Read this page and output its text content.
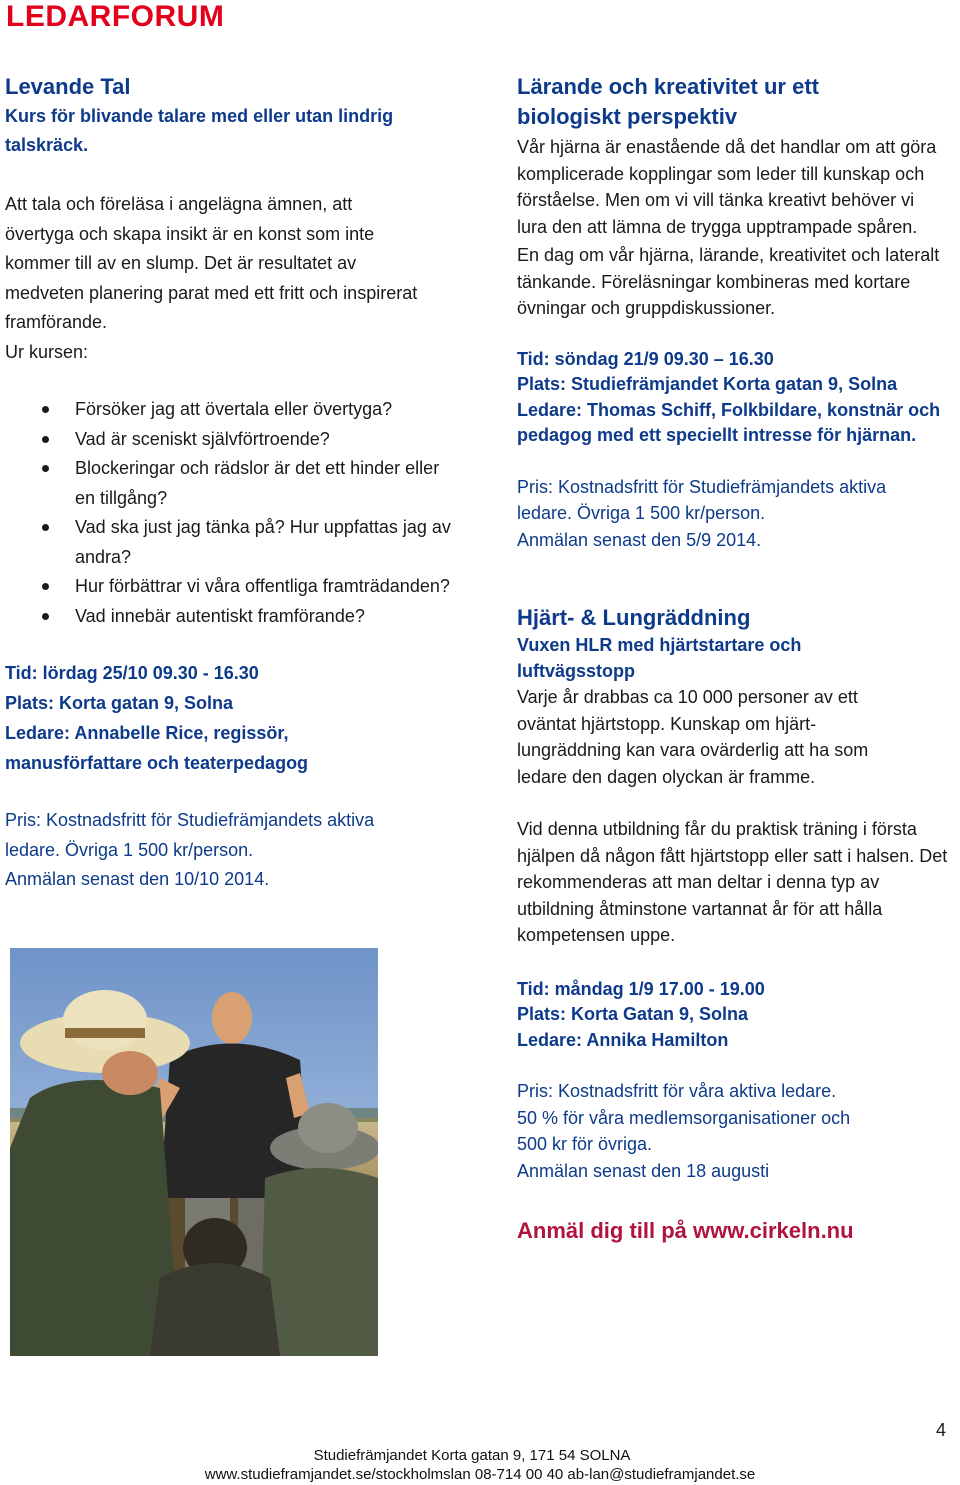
LEDARFORUM

Levande Tal

Kurs för blivande talare med eller utan lindrig talskräck.

Att tala och föreläsa i angelägna ämnen, att övertyga och skapa insikt är en konst som inte kommer till av en slump. Det är resultatet av medveten planering parat med ett fritt och inspirerat framförande.

Ur kursen:

Försöker jag att övertala eller övertyga?
Vad är sceniskt självförtroende?
Blockeringar och rädslor är det ett hinder eller en tillgång?
Vad ska just jag tänka på? Hur uppfattas jag av andra?
Hur förbättrar vi våra offentliga framträdanden?
Vad innebär autentiskt framförande?

Tid: lördag 25/10 09.30 - 16.30

Plats: Korta gatan 9, Solna

Ledare: Annabelle Rice, regissör, manusförfattare och teaterpedagog

Pris: Kostnadsfritt för Studiefrämjandets aktiva ledare. Övriga 1 500 kr/person.

Anmälan senast den 10/10 2014.

Lärande och kreativitet ur ett biologiskt perspektiv

Vår hjärna är enastående då det handlar om att göra komplicerade kopplingar som leder till kunskap och förståelse. Men om vi vill tänka kreativt behöver vi lura den att lämna de trygga upptrampade spåren.

En dag om vår hjärna, lärande, kreativitet och lateralt tänkande. Föreläsningar kombineras med kortare övningar och gruppdiskussioner.

Tid: söndag 21/9 09.30 – 16.30

Plats: Studiefrämjandet Korta gatan 9, Solna

Ledare: Thomas Schiff, Folkbildare, konstnär och pedagog med ett speciellt intresse för hjärnan.

Pris: Kostnadsfritt för Studiefrämjandets aktiva ledare. Övriga 1 500 kr/person.

Anmälan senast den 5/9 2014.

Hjärt- & Lungräddning

Vuxen HLR med hjärtstartare och luftvägsstopp

Varje år drabbas ca 10 000 personer av ett oväntat hjärtstopp. Kunskap om hjärt-lungräddning kan vara ovärderlig att ha som ledare den dagen olyckan är framme.

Vid denna utbildning får du praktisk träning i första hjälpen då någon fått hjärtstopp eller satt i halsen. Det rekommenderas att man deltar i denna typ av utbildning åtminstone vartannat år för att hålla kompetensen uppe.

Tid: måndag 1/9 17.00 - 19.00

Plats: Korta Gatan 9, Solna

Ledare: Annika Hamilton

Pris: Kostnadsfritt för våra aktiva ledare.

50 % för våra medlemsorganisationer och

500 kr för övriga.

Anmälan senast den 18 augusti

Anmäl dig till på www.cirkeln.nu

4
Studiefrämjandet Korta gatan 9, 171 54 SOLNA
www.studieframjandet.se/stockholmslan 08-714 00 40 ab-lan@studieframjandet.se
